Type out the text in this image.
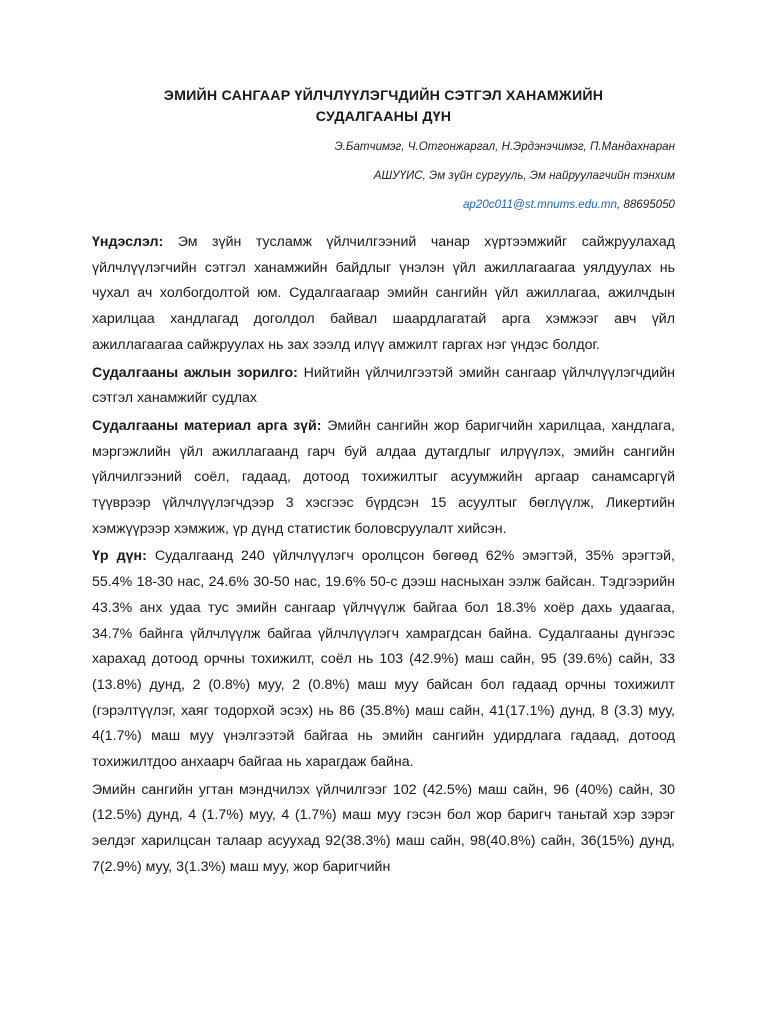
ЭМИЙН САНГААР ҮЙЛЧЛҮҮЛЭГЧДИЙН СЭТГЭЛ ХАНАМЖИЙН
СУДАЛГААНЫ ДҮН
Э.Батчимэг, Ч.Отгонжаргал, Н.Эрдэнэчимэг, П.Мандахнаран
АШУҮИС, Эм зүйн сургууль, Эм найруулагчийн тэнхим
ap20c011@st.mnums.edu.mn, 88695050

Үндэслэл: Эм зүйн тусламж үйлчилгээний чанар хүртээмжийг сайжруулахад үйлчлүүлэгчийн сэтгэл ханамжийн байдлыг үнэлэн үйл ажиллагаагаа уялдуулах нь чухал ач холбогдолтой юм. Судалгаагаар эмийн сангийн үйл ажиллагаа, ажилчдын харилцаа хандлагад доголдол байвал шаардлагатай арга хэмжээг авч үйл ажиллагаагаа сайжруулах нь зах зээлд илүү амжилт гаргах нэг үндэс болдог.

Судалгааны ажлын зорилго: Нийтийн үйлчилгээтэй эмийн сангаар үйлчлүүлэгчдийн сэтгэл ханамжийг судлах

Судалгааны материал арга зүй: Эмийн сангийн жор баригчийн харилцаа, хандлага, мэргэжлийн үйл ажиллагаанд гарч буй алдаа дутагдлыг илрүүлэх, эмийн сангийн үйлчилгээний соёл, гадаад, дотоод тохижилтыг асуумжийн аргаар санамсаргүй түүврээр үйлчлүүлэгчдээр 3 хэсгээс бүрдсэн 15 асуултыг бөглүүлж, Ликертийн хэмжүүрээр хэмжиж, үр дүнд статистик боловсруулалт хийсэн.

Үр дүн: Судалгаанд 240 үйлчлүүлэгч оролцсон бөгөөд 62% эмэгтэй, 35% эрэгтэй, 55.4% 18-30 нас, 24.6% 30-50 нас, 19.6% 50-с дээш насныхан ээлж байсан. Тэдгээрийн 43.3% анх удаа тус эмийн сангаар үйлчүүлж байгаа бол 18.3% хоёр дахь удаагаа, 34.7% байнга үйлчлүүлж байгаа үйлчлүүлэгч хамрагдсан байна. Судалгааны дүнгээс харахад дотоод орчны тохижилт, соёл нь 103 (42.9%) маш сайн, 95 (39.6%) сайн, 33 (13.8%) дунд, 2 (0.8%) муу, 2 (0.8%) маш муу байсан бол гадаад орчны тохижилт (гэрэлтүүлэг, хаяг тодорхой эсэх) нь 86 (35.8%) маш сайн, 41(17.1%) дунд, 8 (3.3) муу, 4(1.7%) маш муу үнэлгээтэй байгаа нь эмийн сангийн удирдлага гадаад, дотоод тохижилтдоо анхаарч байгаа нь харагдаж байна.

Эмийн сангийн угтан мэндчилэх үйлчилгээг 102 (42.5%) маш сайн, 96 (40%) сайн, 30 (12.5%) дунд, 4 (1.7%) муу, 4 (1.7%) маш муу гэсэн бол жор баригч таньтай хэр зэрэг эелдэг харилцсан талаар асуухад 92(38.3%) маш сайн, 98(40.8%) сайн, 36(15%) дунд, 7(2.9%) муу, 3(1.3%) маш муу, жор баригчийн
